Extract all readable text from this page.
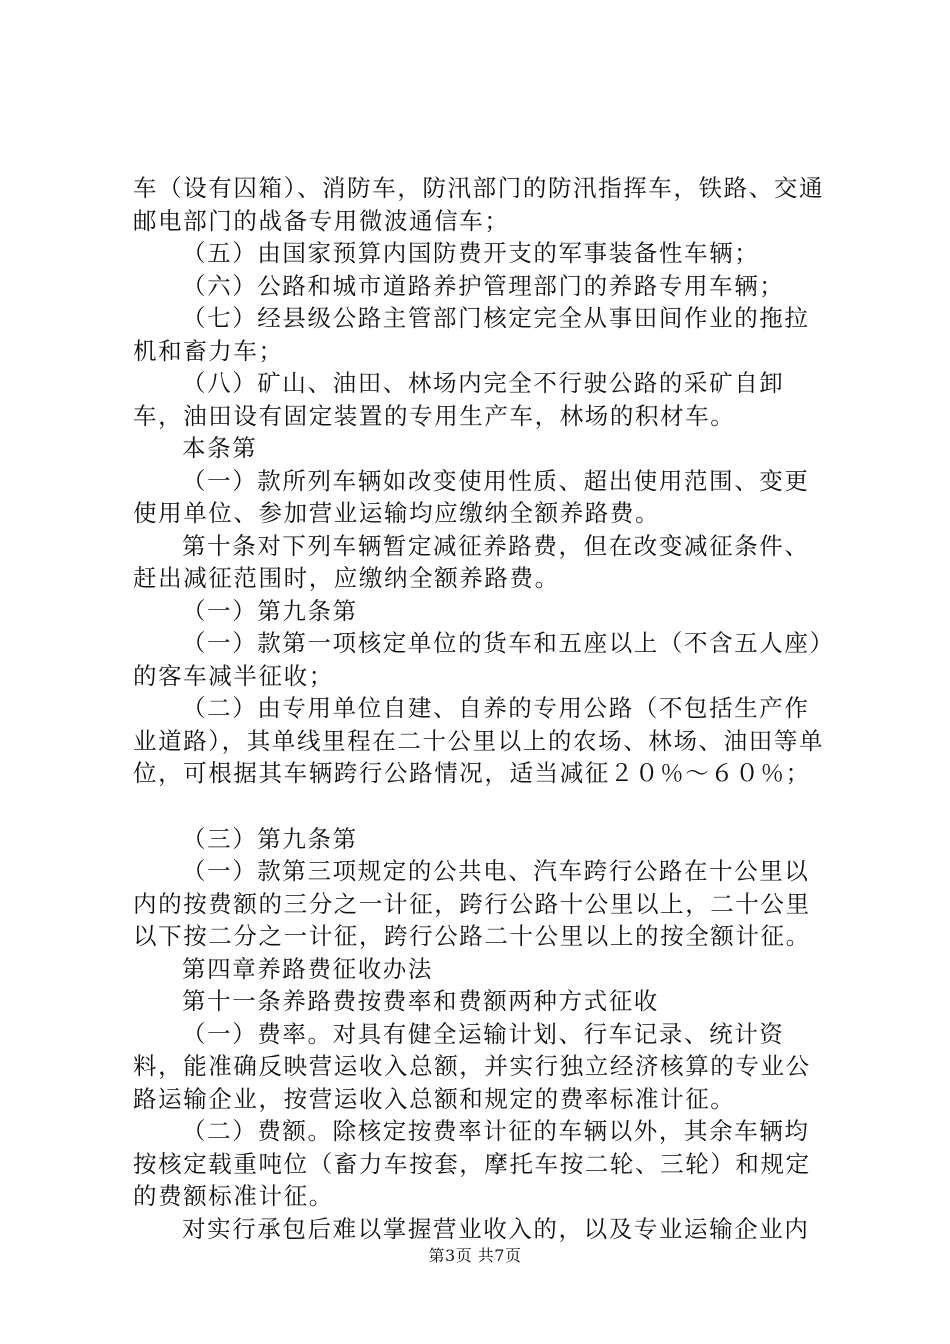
车（设有囚箱）、消防车，防汛部门的防汛指挥车，铁路、交通邮电部门的战备专用微波通信车；

（五）由国家预算内国防费开支的军事装备性车辆；

（六）公路和城市道路养护管理部门的养路专用车辆；

（七）经县级公路主管部门核定完全从事田间作业的拖拉机和畜力车；

（八）矿山、油田、林场内完全不行驶公路的采矿自卸车，油田设有固定装置的专用生产车，林场的积材车。

本条第

（一）款所列车辆如改变使用性质、超出使用范围、变更使用单位、参加营业运输均应缴纳全额养路费。

第十条对下列车辆暂定减征养路费，但在改变减征条件、赶出减征范围时，应缴纳全额养路费。

（一）第九条第

（一）款第一项核定单位的货车和五座以上（不含五人座）的客车减半征收；

（二）由专用单位自建、自养的专用公路（不包括生产作业道路），其单线里程在二十公里以上的农场、林场、油田等单位，可根据其车辆跨行公路情况，适当减征２０％～６０％；

（三）第九条第

（一）款第三项规定的公共电、汽车跨行公路在十公里以内的按费额的三分之一计征，跨行公路十公里以上，二十公里以下按二分之一计征，跨行公路二十公里以上的按全额计征。

第四章养路费征收办法

第十一条养路费按费率和费额两种方式征收

（一）费率。对具有健全运输计划、行车记录、统计资料，能准确反映营运收入总额，并实行独立经济核算的专业公路运输企业，按营运收入总额和规定的费率标准计征。

（二）费额。除核定按费率计征的车辆以外，其余车辆均按核定载重吨位（畜力车按套，摩托车按二轮、三轮）和规定的费额标准计征。

对实行承包后难以掌握营业收入的，以及专业运输企业内

第3页 共7页
